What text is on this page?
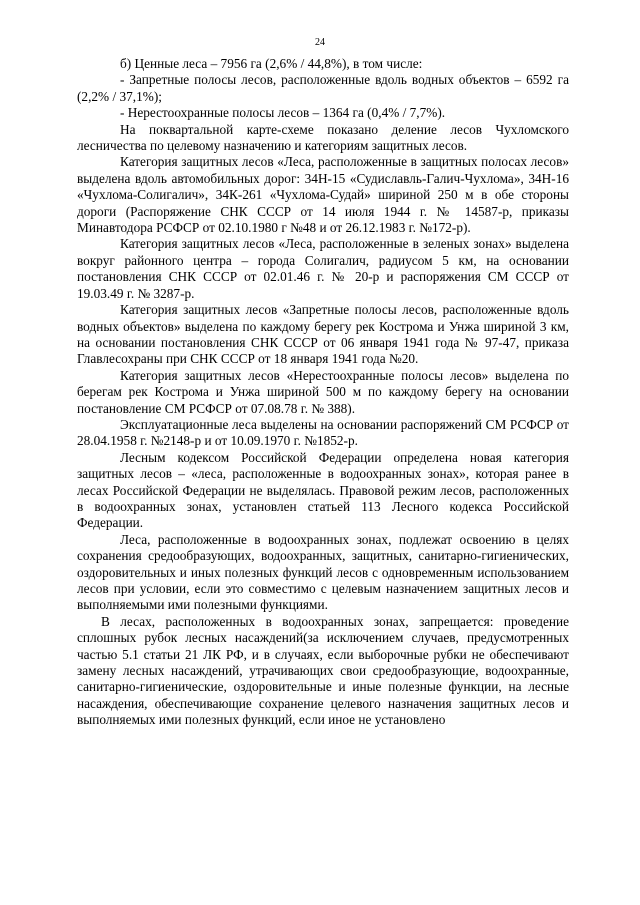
24

б) Ценные леса – 7956 га (2,6% / 44,8%), в том числе:

- Запретные полосы лесов, расположенные вдоль водных объектов – 6592 га (2,2% / 37,1%);

- Нерестоохранные полосы лесов – 1364 га (0,4% / 7,7%).

На поквартальной карте-схеме показано деление лесов Чухломского лесничества по целевому назначению и категориям защитных лесов.

Категория защитных лесов «Леса, расположенные в защитных полосах лесов» выделена вдоль автомобильных дорог: 34Н-15 «Судиславль-Галич-Чухлома», 34Н-16 «Чухлома-Солигалич», 34К-261 «Чухлома-Судай» шириной 250 м в обе стороны дороги (Распоряжение СНК СССР от 14 июля 1944 г. № 14587-р, приказы Минавтодора РСФСР от 02.10.1980 г №48 и от 26.12.1983 г. №172-р).

Категория защитных лесов «Леса, расположенные в зеленых зонах» выделена вокруг районного центра – города Солигалич, радиусом 5 км, на основании постановления СНК СССР от 02.01.46 г. № 20-р и распоряжения СМ СССР от 19.03.49 г. № 3287-р.

Категория защитных лесов «Запретные полосы лесов, расположенные вдоль водных объектов» выделена по каждому берегу рек Кострома и Унжа шириной 3 км, на основании постановления СНК СССР от 06 января 1941 года № 97-47, приказа Главлесохраны при СНК СССР от 18 января 1941 года №20.

Категория защитных лесов «Нерестоохранные полосы лесов» выделена по берегам рек Кострома и Унжа шириной 500 м по каждому берегу на основании постановление СМ РСФСР от 07.08.78 г. № 388).

Эксплуатационные леса выделены на основании распоряжений СМ РСФСР от 28.04.1958 г. №2148-р и от 10.09.1970 г. №1852-р.

Лесным кодексом Российской Федерации определена новая категория защитных лесов – «леса, расположенные в водоохранных зонах», которая ранее в лесах Российской Федерации не выделялась. Правовой режим лесов, расположенных в водоохранных зонах, установлен статьей 113 Лесного кодекса Российской Федерации.

Леса, расположенные в водоохранных зонах, подлежат освоению в целях сохранения средообразующих, водоохранных, защитных, санитарно-гигиенических, оздоровительных и иных полезных функций лесов с одновременным использованием лесов при условии, если это совместимо с целевым назначением защитных лесов и выполняемыми ими полезными функциями.

В лесах, расположенных в водоохранных зонах, запрещается: проведение сплошных рубок лесных насаждений(за исключением случаев, предусмотренных частью 5.1 статьи 21 ЛК РФ, и в случаях, если выборочные рубки не обеспечивают замену лесных насаждений, утрачивающих свои средообразующие, водоохранные, санитарно-гигиенические, оздоровительные и иные полезные функции, на лесные насаждения, обеспечивающие сохранение целевого назначения защитных лесов и выполняемых ими полезных функций, если иное не установлено
